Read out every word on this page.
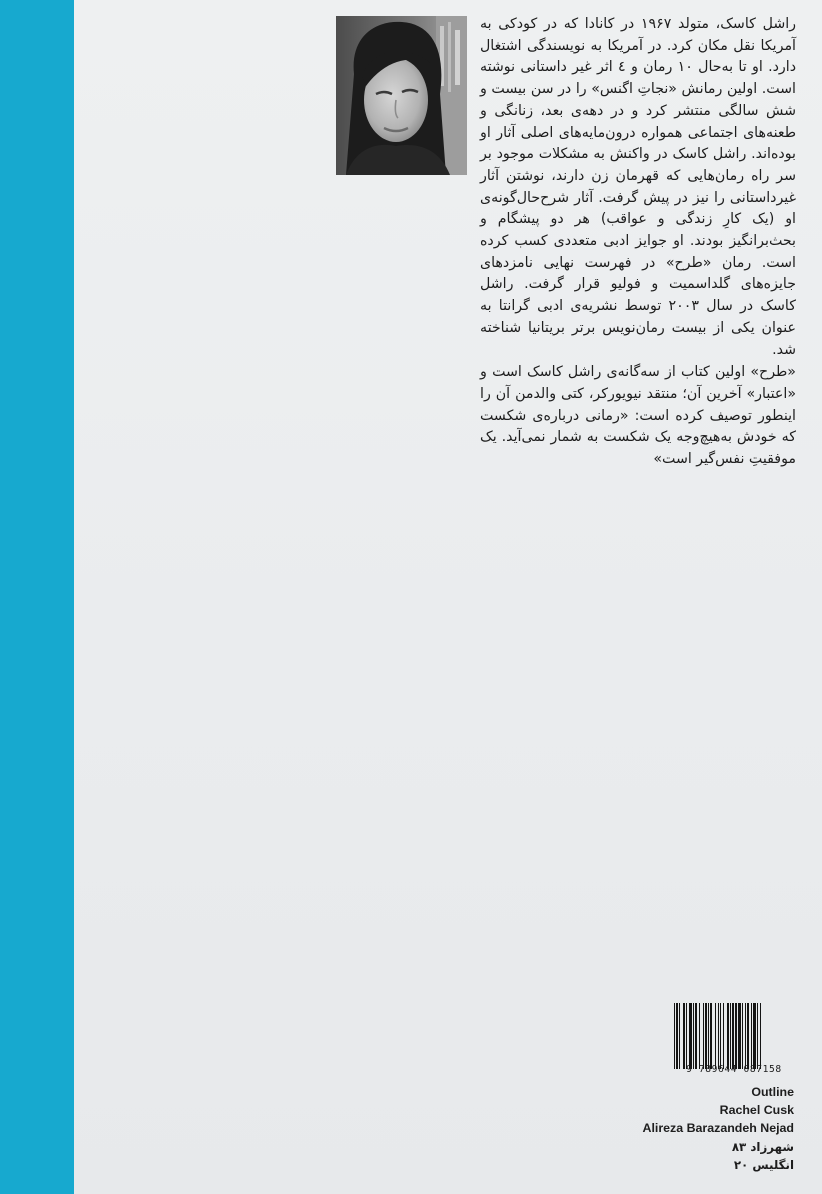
راشل کاسک، متولد ۱۹۶۷ در کانادا که در کودکی به آمریکا نقل مکان کرد. در آمریکا به نویسندگی اشتغال دارد. او تا به‌حال ۱۰ رمان و ٤ اثر غیر داستانی نوشته است. اولین رمانش «نجاتِ اگنس» را در سن بیست و شش سالگی منتشر کرد و در دهه‌ی بعد، زنانگی و طعنه‌های اجتماعی همواره درون‌مایه‌های اصلی آثار او بوده‌اند. راشل کاسک در واکنش به مشکلات موجود بر سر راه رمان‌هایی که قهرمان زن دارند، نوشتن آثار غیرداستانی را نیز در پیش گرفت. آثار شرح‌حال‌گونه‌ی او (یک کارِ زندگی و عواقب) هر دو پیشگام و بحث‌برانگیز بودند. او جوایز ادبی متعددی کسب کرده است. رمان «طرح» در فهرست نهایی نامزدهای جایزه‌های گلداسمیت و فولیو قرار گرفت. راشل کاسک در سال ۲۰۰۳ توسط نشریه‌ی ادبی گرانتا به عنوان یکی از بیست رمان‌نویس برتر بریتانیا شناخته شد.

«طرح» اولین کتاب از سه‌گانه‌ی راشل کاسک است و «اعتبار» آخرین آن؛ منتقد نیویورکر، کتی والدمن آن را اینطور توصیف کرده است: «رمانی درباره‌ی شکست که خودش به‌هیچ‌وجه یک شکست به شمار نمی‌آید. یک موفقیتِ نفس‌گیر است»

9 789644 087158
Outline
Rachel Cusk
Alireza Barazandeh Nejad
شهرزاد ۸۳
انگلیس ۲۰
